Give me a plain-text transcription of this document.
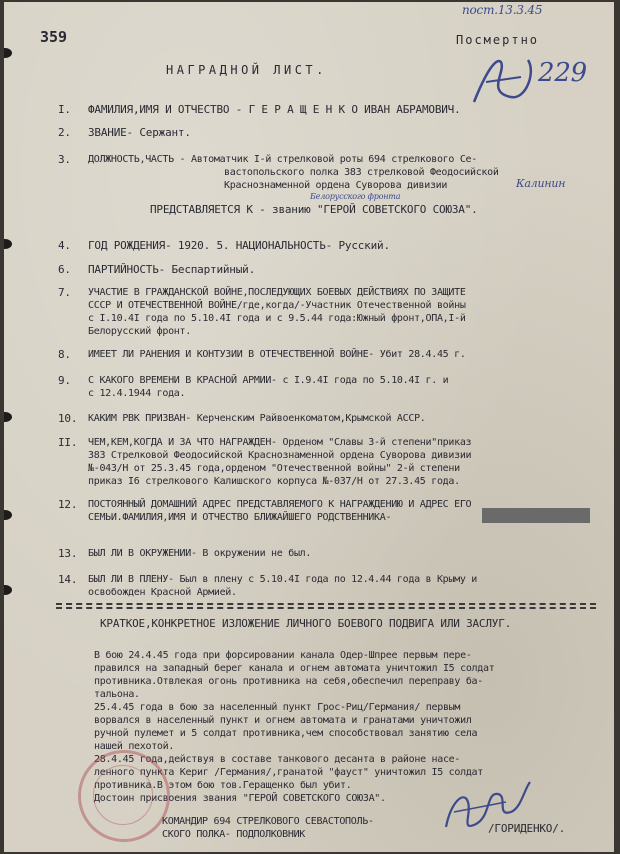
359
пост.13.3.45
Посмертно
229
НАГРАДНОЙ ЛИСТ.
I. ФАМИЛИЯ,ИМЯ И ОТЧЕСТВО - Г Е Р А Щ Е Н К О ИВАН АБРАМОВИЧ.
2. ЗВАНИЕ- Сержант.
3. ДОЛЖНОСТЬ,ЧАСТЬ - Автоматчик I-й стрелковой роты 694 стрелкового Се-
вастопольского полка 383 стрелковой Феодосийской
Краснознаменной ордена Суворова дивизии	Калинин
Белорусского фронта
ПРЕДСТАВЛЯЕТСЯ К - званию "ГЕРОЙ СОВЕТСКОГО СОЮЗА".
4. ГОД РОЖДЕНИЯ- 1920. 5. НАЦИОНАЛЬНОСТЬ- Русский.
6. ПАРТИЙНОСТЬ- Беспартийный.
7. УЧАСТИЕ В ГРАЖДАНСКОЙ ВОЙНЕ,ПОСЛЕДУЮЩИХ БОЕВЫХ ДЕЙСТВИЯХ ПО ЗАЩИТЕ
СССР И ОТЕЧЕСТВЕННОЙ ВОЙНЕ/где,когда/-Участник Отечественной войны
с I.10.4I года по 5.10.4I года и с 9.5.44 года:Южный фронт,ОПА,I-й
Белорусский фронт.
8. ИМЕЕТ ЛИ РАНЕНИЯ И КОНТУЗИИ В ОТЕЧЕСТВЕННОЙ ВОЙНЕ- Убит 28.4.45 г.
9. С КАКОГО ВРЕМЕНИ В КРАСНОЙ АРМИИ- с I.9.4I года по 5.10.4I г. и
с 12.4.1944 года.
10. КАКИМ РВК ПРИЗВАН- Керченским Райвоенкоматом,Крымской АССР.
II. ЧЕМ,КЕМ,КОГДА И ЗА ЧТО НАГРАЖДЕН- Орденом "Славы 3-й степени"приказ
383 Стрелковой Феодосийской Краснознаменной ордена Суворова дивизии
№-043/Н от 25.3.45 года,орденом "Отечественной войны" 2-й степени
приказ I6 стрелкового Калишского корпуса №-037/Н от 27.3.45 года.
12. ПОСТОЯННЫЙ ДОМАШНИЙ АДРЕС ПРЕДСТАВЛЯЕМОГО К НАГРАЖДЕНИЮ И АДРЕС ЕГО
СЕМЬИ.ФАМИЛИЯ,ИМЯ И ОТЧЕСТВО БЛИЖАЙШЕГО РОДСТВЕННИКА-
13. БЫЛ ЛИ В ОКРУЖЕНИИ- В окружении не был.
14. БЫЛ ЛИ В ПЛЕНУ- Был в плену с 5.10.4I года по 12.4.44 года в Крыму и
освобожден Красной Армией.
КРАТКОЕ,КОНКРЕТНОЕ ИЗЛОЖЕНИЕ ЛИЧНОГО БОЕВОГО ПОДВИГА ИЛИ ЗАСЛУГ.
В бою 24.4.45 года при форсировании канала Одер-Шпрее первым пере-
правился на западный берег канала и огнем автомата уничтожил I5 солдат
противника.Отвлекая огонь противника на себя,обеспечил переправу ба-
тальона.
25.4.45 года в бою за населенный пункт Грос-Риц/Германия/ первым
ворвался в населенный пункт и огнем автомата и гранатами уничтожил
ручной пулемет и 5 солдат противника,чем способствовал занятию села
нашей пехотой.
28.4.45 года,действуя в составе танкового десанта в районе насе-
ленного пункта Кериг /Германия/,гранатой "фауст" уничтожил I5 солдат
противника.В этом бою тов.Геращенко был убит.
Достоин присвоения звания "ГЕРОЙ СОВЕТСКОГО СОЮЗА".
КОМАНДИР 694 СТРЕЛКОВОГО СЕВАСТОПОЛЬ-
СКОГО ПОЛКА- ПОДПОЛКОВНИК	/ГОРИДЕНКО/.
